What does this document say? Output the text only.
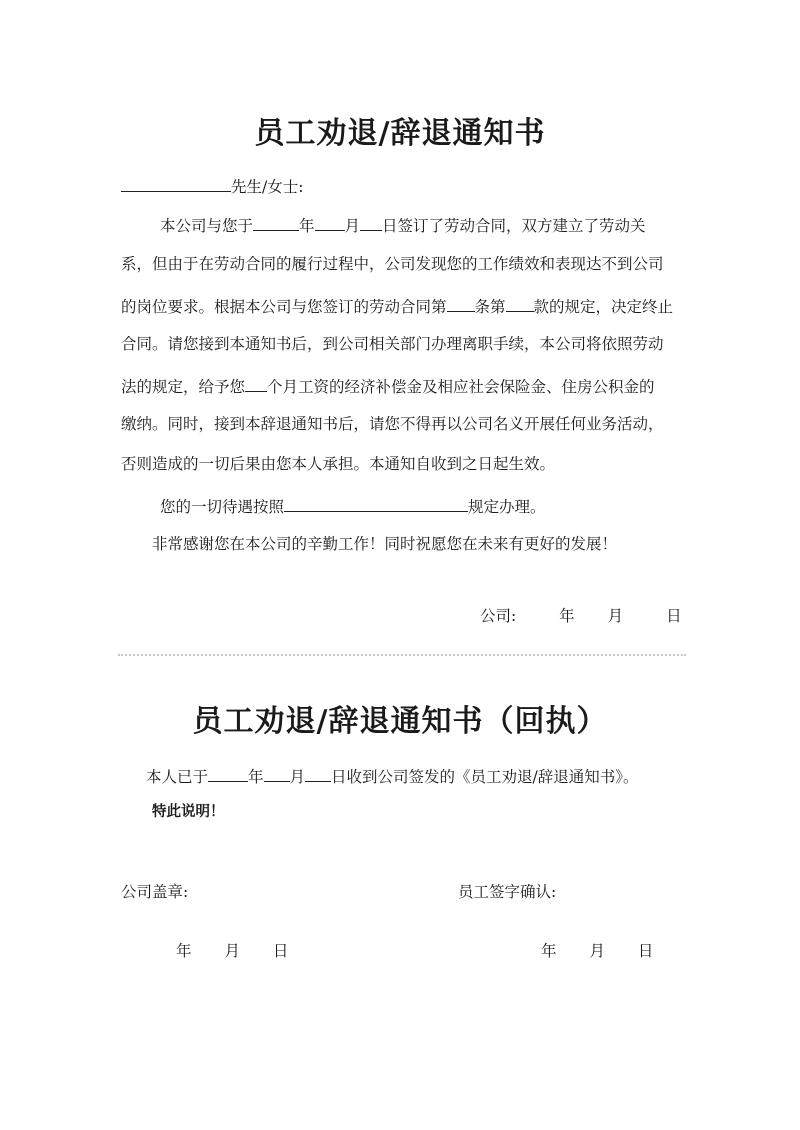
员工劝退/辞退通知书
先生/女士:
本公司与您于	年 月 日签订了劳动合同，双方建立了劳动关
系，但由于在劳动合同的履行过程中，公司发现您的工作绩效和表现达不到公司
的岗位要求。根据本公司与您签订的劳动合同第 条第 款的规定，决定终止
合同。请您接到本通知书后，到公司相关部门办理离职手续，本公司将依照劳动
法的规定，给予您 个月工资的经济补偿金及相应社会保险金、住房公积金的
缴纳。同时，接到本辞退通知书后，请您不得再以公司名义开展任何业务活动，
否则造成的一切后果由您本人承担。本通知自收到之日起生效。
您的一切待遇按照	规定办理。
非常感谢您在本公司的辛勤工作！同时祝愿您在未来有更好的发展！
公司:	年 月	日
员工劝退/辞退通知书（回执）
本人已于	年 月 日收到公司签发的《员工劝退/辞退通知书》。
特此说明！
公司盖章:	员工签字确认:
年 月 日	年 月 日
